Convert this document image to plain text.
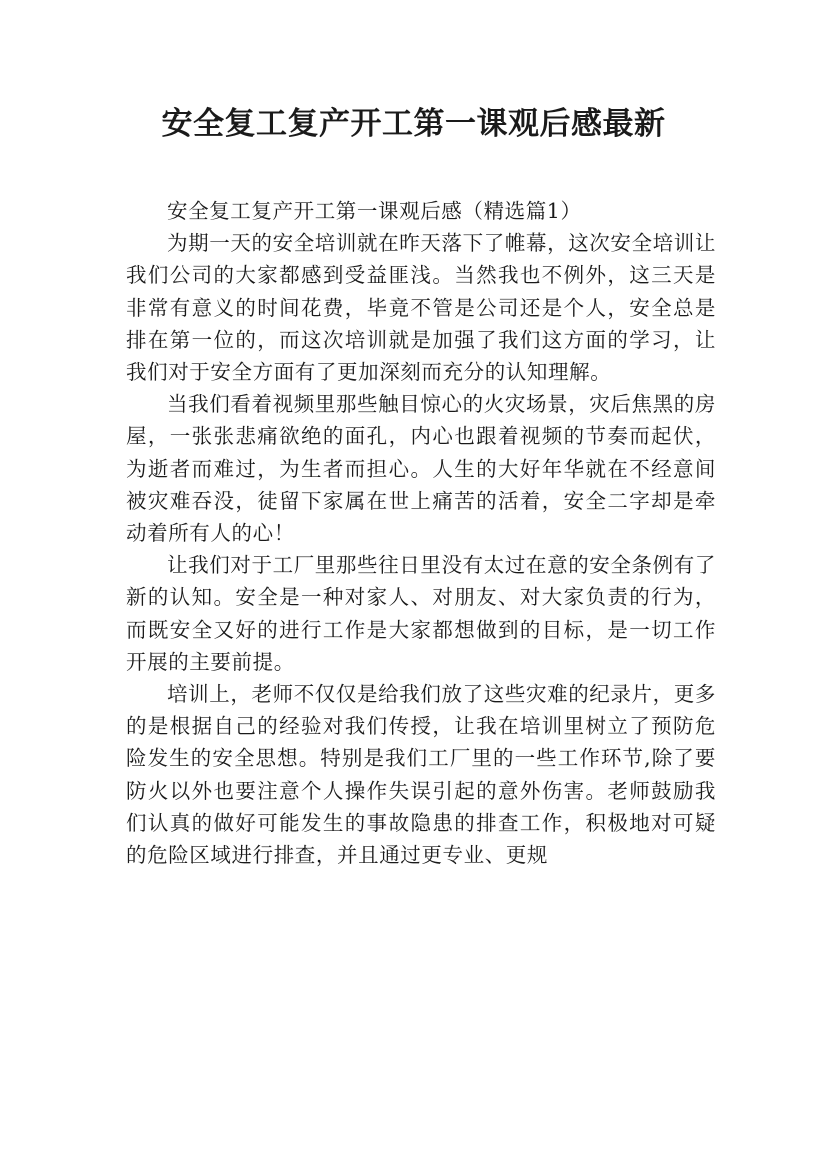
安全复工复产开工第一课观后感最新

安全复工复产开工第一课观后感（精选篇1）

为期一天的安全培训就在昨天落下了帷幕，这次安全培训让我们公司的大家都感到受益匪浅。当然我也不例外，这三天是非常有意义的时间花费，毕竟不管是公司还是个人，安全总是排在第一位的，而这次培训就是加强了我们这方面的学习，让我们对于安全方面有了更加深刻而充分的认知理解。

当我们看着视频里那些触目惊心的火灾场景，灾后焦黑的房屋，一张张悲痛欲绝的面孔，内心也跟着视频的节奏而起伏，为逝者而难过，为生者而担心。人生的大好年华就在不经意间被灾难吞没，徒留下家属在世上痛苦的活着，安全二字却是牵动着所有人的心！

让我们对于工厂里那些往日里没有太过在意的安全条例有了新的认知。安全是一种对家人、对朋友、对大家负责的行为，而既安全又好的进行工作是大家都想做到的目标，是一切工作开展的主要前提。

培训上，老师不仅仅是给我们放了这些灾难的纪录片，更多的是根据自己的经验对我们传授，让我在培训里树立了预防危险发生的安全思想。特别是我们工厂里的一些工作环节,除了要防火以外也要注意个人操作失误引起的意外伤害。老师鼓励我们认真的做好可能发生的事故隐患的排查工作，积极地对可疑的危险区域进行排查，并且通过更专业、更规
